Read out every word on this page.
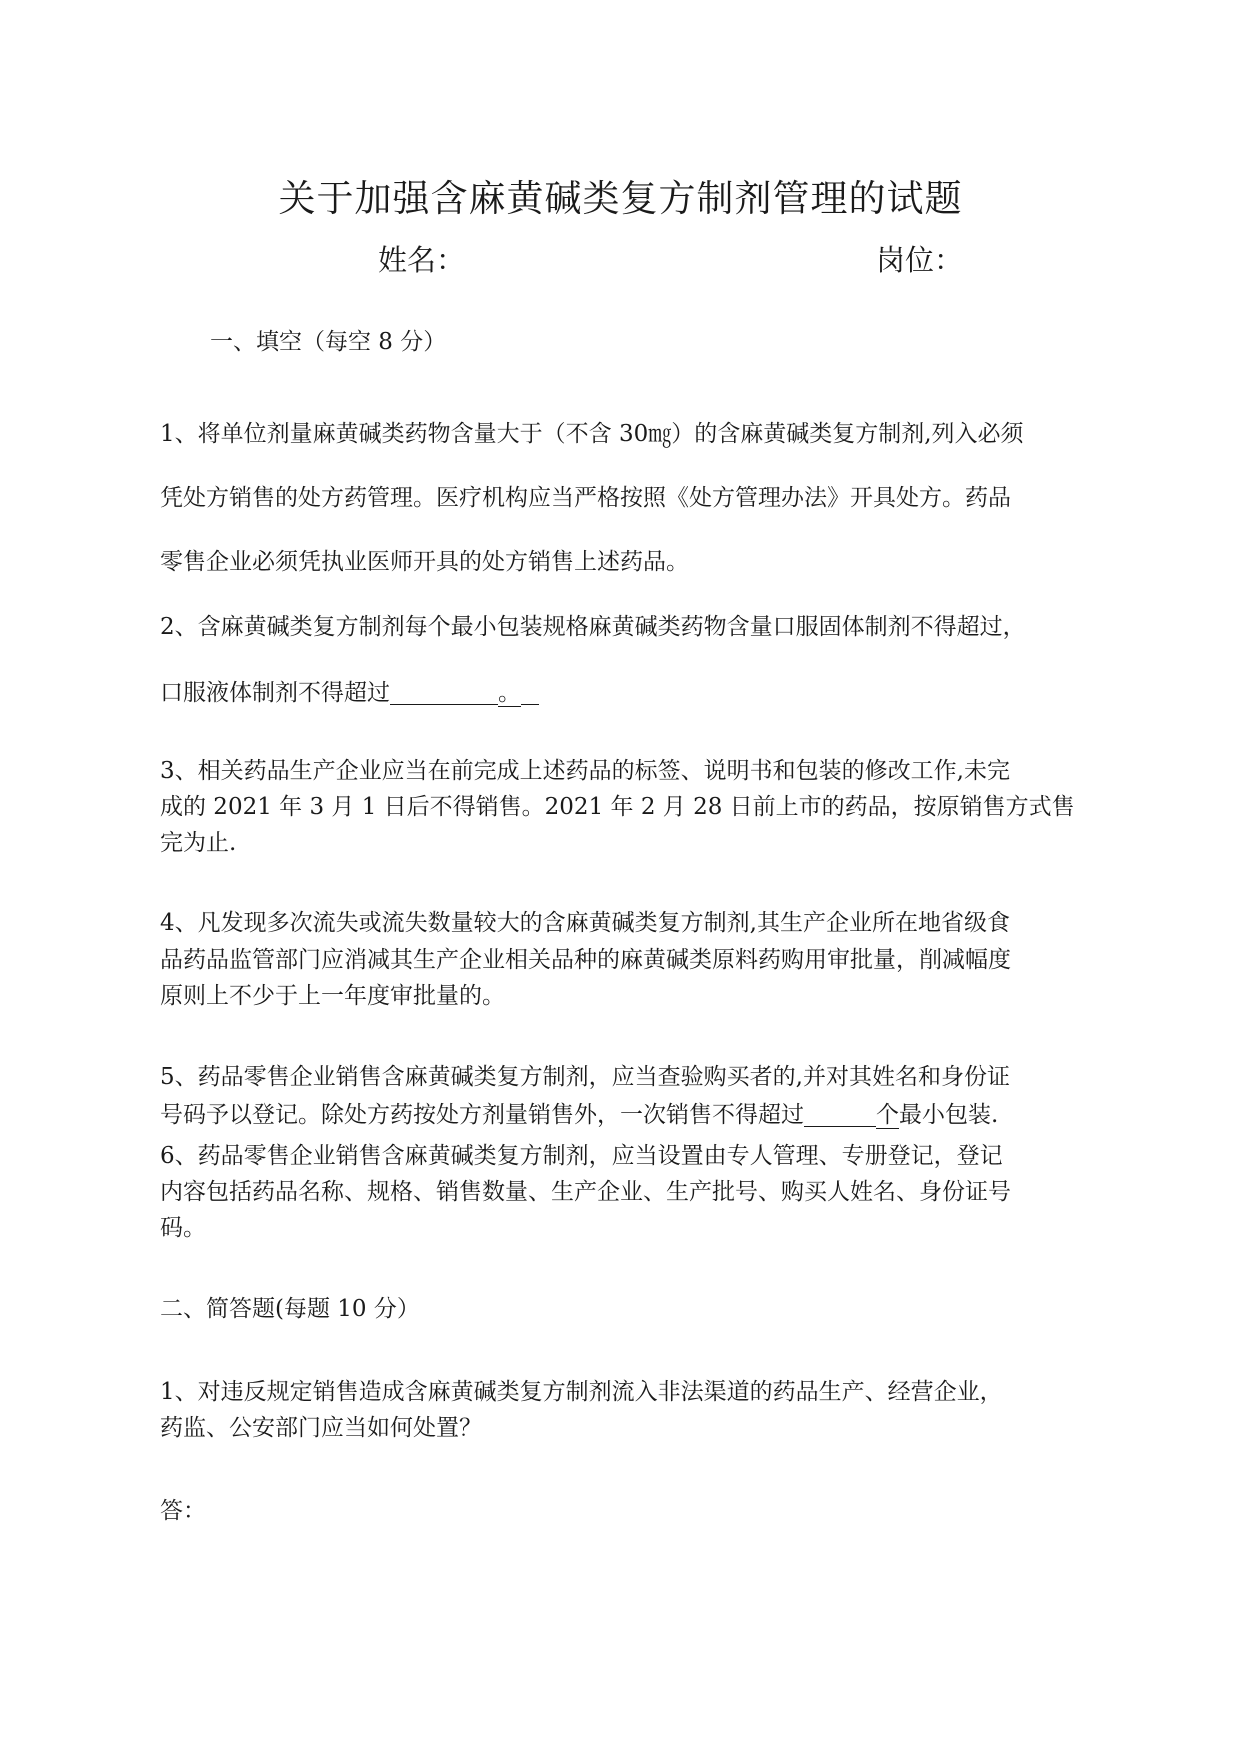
关于加强含麻黄碱类复方制剂管理的试题
姓名：	岗位：
一、填空（每空 8 分）
1、将单位剂量麻黄碱类药物含量大于（不含 30㎎）的含麻黄碱类复方制剂,列入必须
凭处方销售的处方药管理。医疗机构应当严格按照《处方管理办法》开具处方。药品
零售企业必须凭执业医师开具的处方销售上述药品。
2、含麻黄碱类复方制剂每个最小包装规格麻黄碱类药物含量口服固体制剂不得超过，
口服液体制剂不得超过	。
3、相关药品生产企业应当在前完成上述药品的标签、说明书和包装的修改工作,未完
成的 2021 年 3 月 1 日后不得销售。2021 年 2 月 28 日前上市的药品，按原销售方式售
完为止.
4、凡发现多次流失或流失数量较大的含麻黄碱类复方制剂,其生产企业所在地省级食
品药品监管部门应消减其生产企业相关品种的麻黄碱类原料药购用审批量，削减幅度
原则上不少于上一年度审批量的。
5、药品零售企业销售含麻黄碱类复方制剂，应当查验购买者的,并对其姓名和身份证
号码予以登记。除处方药按处方剂量销售外，一次销售不得超过	个最小包装.
6、药品零售企业销售含麻黄碱类复方制剂，应当设置由专人管理、专册登记，登记
内容包括药品名称、规格、销售数量、生产企业、生产批号、购买人姓名、身份证号
码。
二、简答题(每题 10 分）
1、对违反规定销售造成含麻黄碱类复方制剂流入非法渠道的药品生产、经营企业，
药监、公安部门应当如何处置？
答：
